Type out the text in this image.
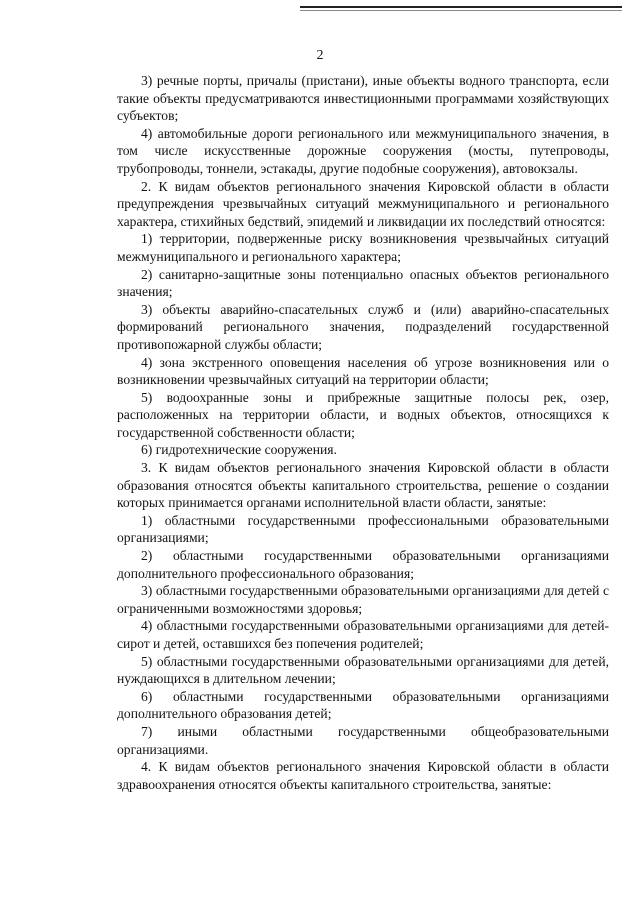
2

3) речные порты, причалы (пристани), иные объекты водного транспорта, если такие объекты предусматриваются инвестиционными программами хозяйствующих субъектов;

4) автомобильные дороги регионального или межмуниципального значения, в том числе искусственные дорожные сооружения (мосты, путепроводы, трубопроводы, тоннели, эстакады, другие подобные сооружения), автовокзалы.

2. К видам объектов регионального значения Кировской области в области предупреждения чрезвычайных ситуаций межмуниципального и регионального характера, стихийных бедствий, эпидемий и ликвидации их последствий относятся:

1) территории, подверженные риску возникновения чрезвычайных ситуаций межмуниципального и регионального характера;

2) санитарно-защитные зоны потенциально опасных объектов регионального значения;

3) объекты аварийно-спасательных служб и (или) аварийно-спасательных формирований регионального значения, подразделений государственной противопожарной службы области;

4) зона экстренного оповещения населения об угрозе возникновения или о возникновении чрезвычайных ситуаций на территории области;

5) водоохранные зоны и прибрежные защитные полосы рек, озер, расположенных на территории области, и водных объектов, относящихся к государственной собственности области;

6) гидротехнические сооружения.

3. К видам объектов регионального значения Кировской области в области образования относятся объекты капитального строительства, решение о создании которых принимается органами исполнительной власти области, занятые:

1) областными государственными профессиональными образовательными организациями;

2) областными государственными образовательными организациями дополнительного профессионального образования;

3) областными государственными образовательными организациями для детей с ограниченными возможностями здоровья;

4) областными государственными образовательными организациями для детей-сирот и детей, оставшихся без попечения родителей;

5) областными государственными образовательными организациями для детей, нуждающихся в длительном лечении;

6) областными государственными образовательными организациями дополнительного образования детей;

7) иными областными государственными общеобразовательными организациями.

4. К видам объектов регионального значения Кировской области в области здравоохранения относятся объекты капитального строительства, занятые:
